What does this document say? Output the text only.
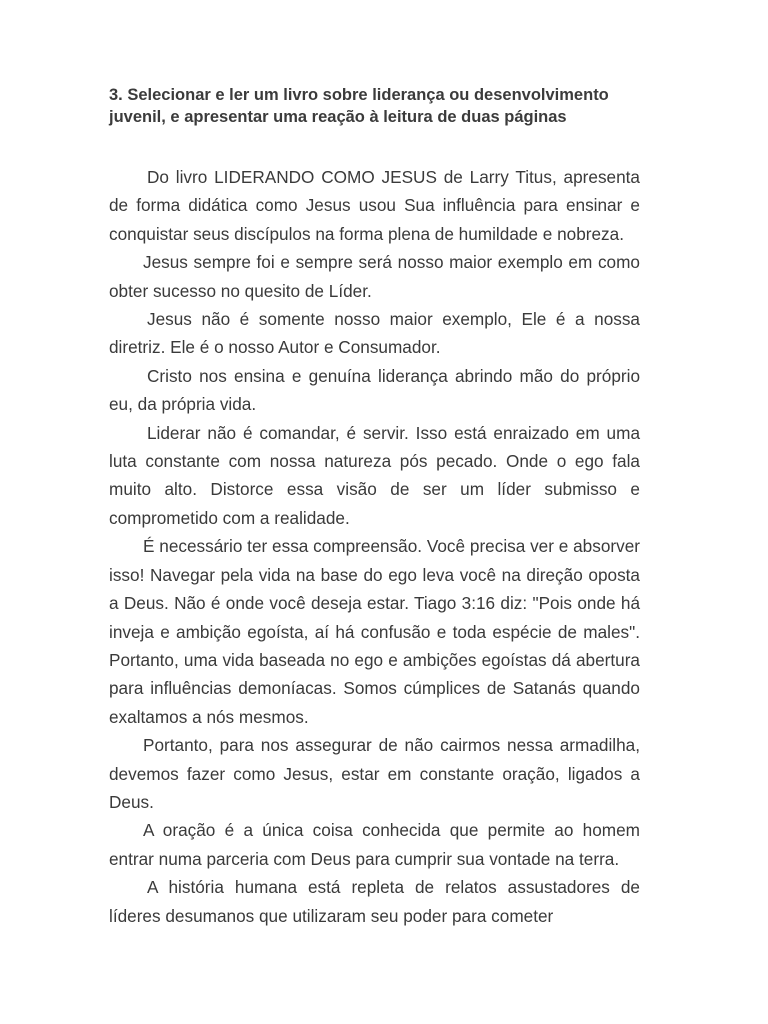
3. Selecionar e ler um livro sobre liderança ou desenvolvimento juvenil, e apresentar uma reação à leitura de duas páginas

Do livro LIDERANDO COMO JESUS de Larry Titus, apresenta de forma didática como Jesus usou Sua influência para ensinar e conquistar seus discípulos na forma plena de humildade e nobreza.

Jesus sempre foi e sempre será nosso maior exemplo em como obter sucesso no quesito de Líder.

Jesus não é somente nosso maior exemplo, Ele é a nossa diretriz. Ele é o nosso Autor e Consumador.

Cristo nos ensina e genuína liderança abrindo mão do próprio eu, da própria vida.

Liderar não é comandar, é servir. Isso está enraizado em uma luta constante com nossa natureza pós pecado. Onde o ego fala muito alto. Distorce essa visão de ser um líder submisso e comprometido com a realidade.

É necessário ter essa compreensão. Você precisa ver e absorver isso! Navegar pela vida na base do ego leva você na direção oposta a Deus. Não é onde você deseja estar. Tiago 3:16 diz: "Pois onde há inveja e ambição egoísta, aí há confusão e toda espécie de males". Portanto, uma vida baseada no ego e ambições egoístas dá abertura para influências demoníacas. Somos cúmplices de Satanás quando exaltamos a nós mesmos.

Portanto, para nos assegurar de não cairmos nessa armadilha, devemos fazer como Jesus, estar em constante oração, ligados a Deus.

A oração é a única coisa conhecida que permite ao homem entrar numa parceria com Deus para cumprir sua vontade na terra.

A história humana está repleta de relatos assustadores de líderes desumanos que utilizaram seu poder para cometer
